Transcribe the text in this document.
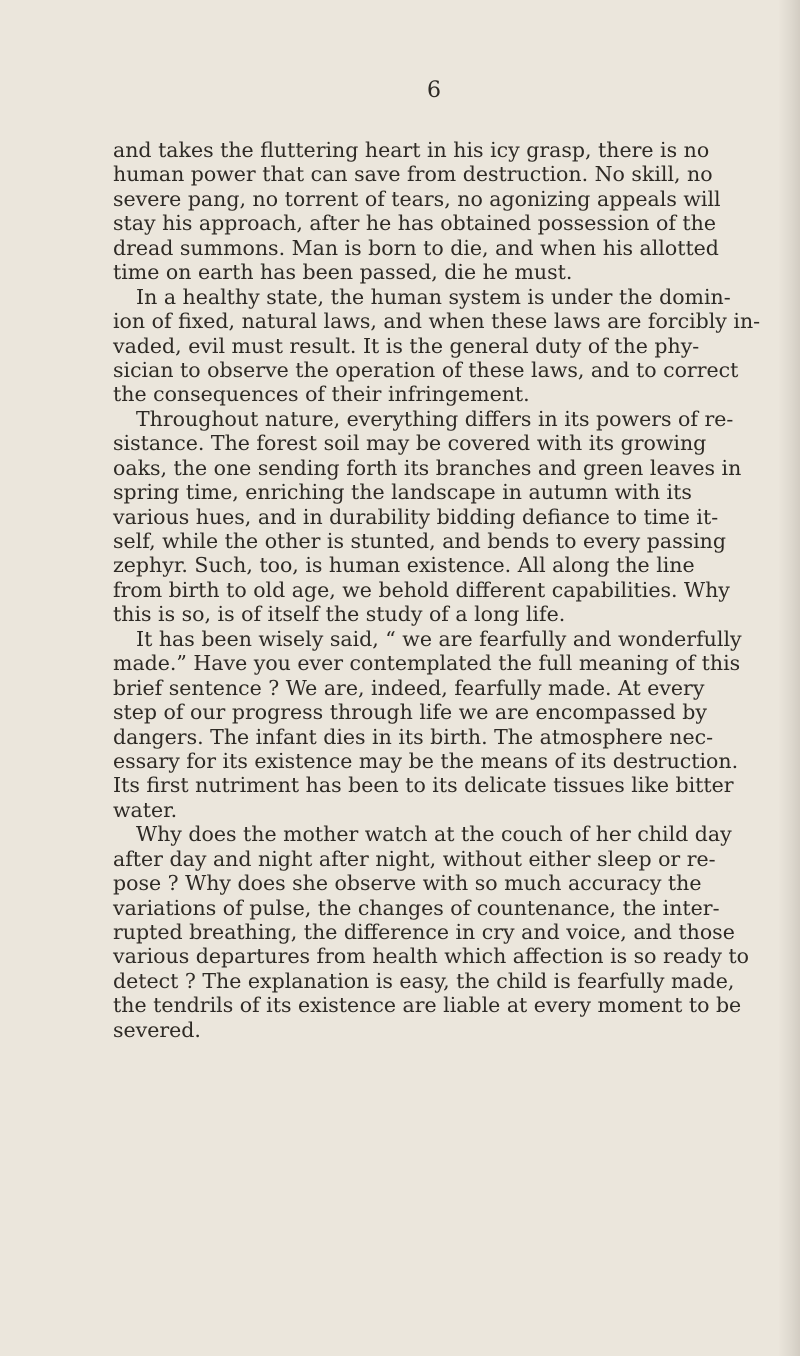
6
and takes the fluttering heart in his icy grasp, there is no
human power that can save from destruction. No skill, no
severe pang, no torrent of tears, no agonizing appeals will
stay his approach, after he has obtained possession of the
dread summons. Man is born to die, and when his allotted
time on earth has been passed, die he must.
In a healthy state, the human system is under the domin-
ion of fixed, natural laws, and when these laws are forcibly in-
vaded, evil must result. It is the general duty of the phy-
sician to observe the operation of these laws, and to correct
the consequences of their infringement.
Throughout nature, everything differs in its powers of re-
sistance. The forest soil may be covered with its growing
oaks, the one sending forth its branches and green leaves in
spring time, enriching the landscape in autumn with its
various hues, and in durability bidding defiance to time it-
self, while the other is stunted, and bends to every passing
zephyr. Such, too, is human existence. All along the line
from birth to old age, we behold different capabilities. Why
this is so, is of itself the study of a long life.
It has been wisely said, “ we are fearfully and wonderfully
made.” Have you ever contemplated the full meaning of this
brief sentence ? We are, indeed, fearfully made. At every
step of our progress through life we are encompassed by
dangers. The infant dies in its birth. The atmosphere nec-
essary for its existence may be the means of its destruction.
Its first nutriment has been to its delicate tissues like bitter
water.
Why does the mother watch at the couch of her child day
after day and night after night, without either sleep or re-
pose ? Why does she observe with so much accuracy the
variations of pulse, the changes of countenance, the inter-
rupted breathing, the difference in cry and voice, and those
various departures from health which affection is so ready to
detect ? The explanation is easy, the child is fearfully made,
the tendrils of its existence are liable at every moment to be
severed.
